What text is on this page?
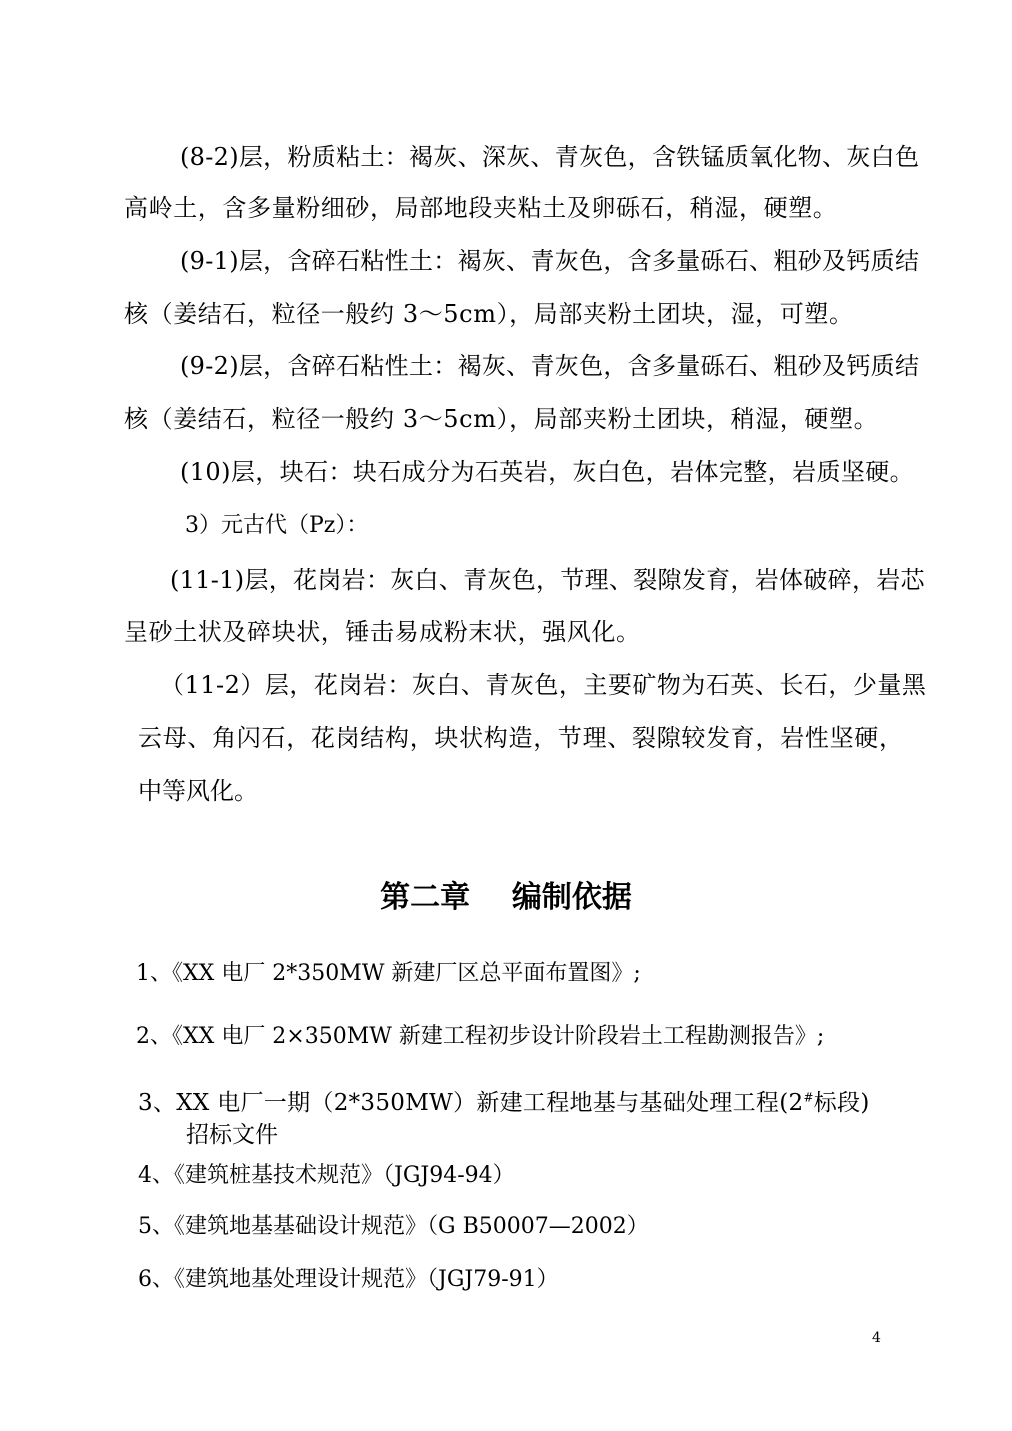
(8-2)层，粉质粘土：褐灰、深灰、青灰色，含铁锰质氧化物、灰白色
高岭土，含多量粉细砂，局部地段夹粘土及卵砾石，稍湿，硬塑。
(9-1)层，含碎石粘性土：褐灰、青灰色，含多量砾石、粗砂及钙质结
核（姜结石，粒径一般约 3～5cm），局部夹粉土团块，湿，可塑。
(9-2)层，含碎石粘性土：褐灰、青灰色，含多量砾石、粗砂及钙质结
核（姜结石，粒径一般约 3～5cm），局部夹粉土团块，稍湿，硬塑。
(10)层，块石：块石成分为石英岩，灰白色，岩体完整，岩质坚硬。
3）元古代（Pz）：
(11-1)层，花岗岩：灰白、青灰色，节理、裂隙发育，岩体破碎，岩芯
呈砂土状及碎块状，锤击易成粉末状，强风化。
（11-2）层，花岗岩：灰白、青灰色，主要矿物为石英、长石，少量黑
云母、角闪石，花岗结构，块状构造，节理、裂隙较发育，岩性坚硬，
中等风化。
第二章    编制依据
1、《XX 电厂 2*350MW 新建厂区总平面布置图》;
2、《XX 电厂 2×350MW 新建工程初步设计阶段岩土工程勘测报告》;
3、XX 电厂一期（2*350MW）新建工程地基与基础处理工程(2#标段)
招标文件
4、《建筑桩基技术规范》（JGJ94-94）
5、《建筑地基基础设计规范》（G B50007—2002）
6、《建筑地基处理设计规范》（JGJ79-91）
4
